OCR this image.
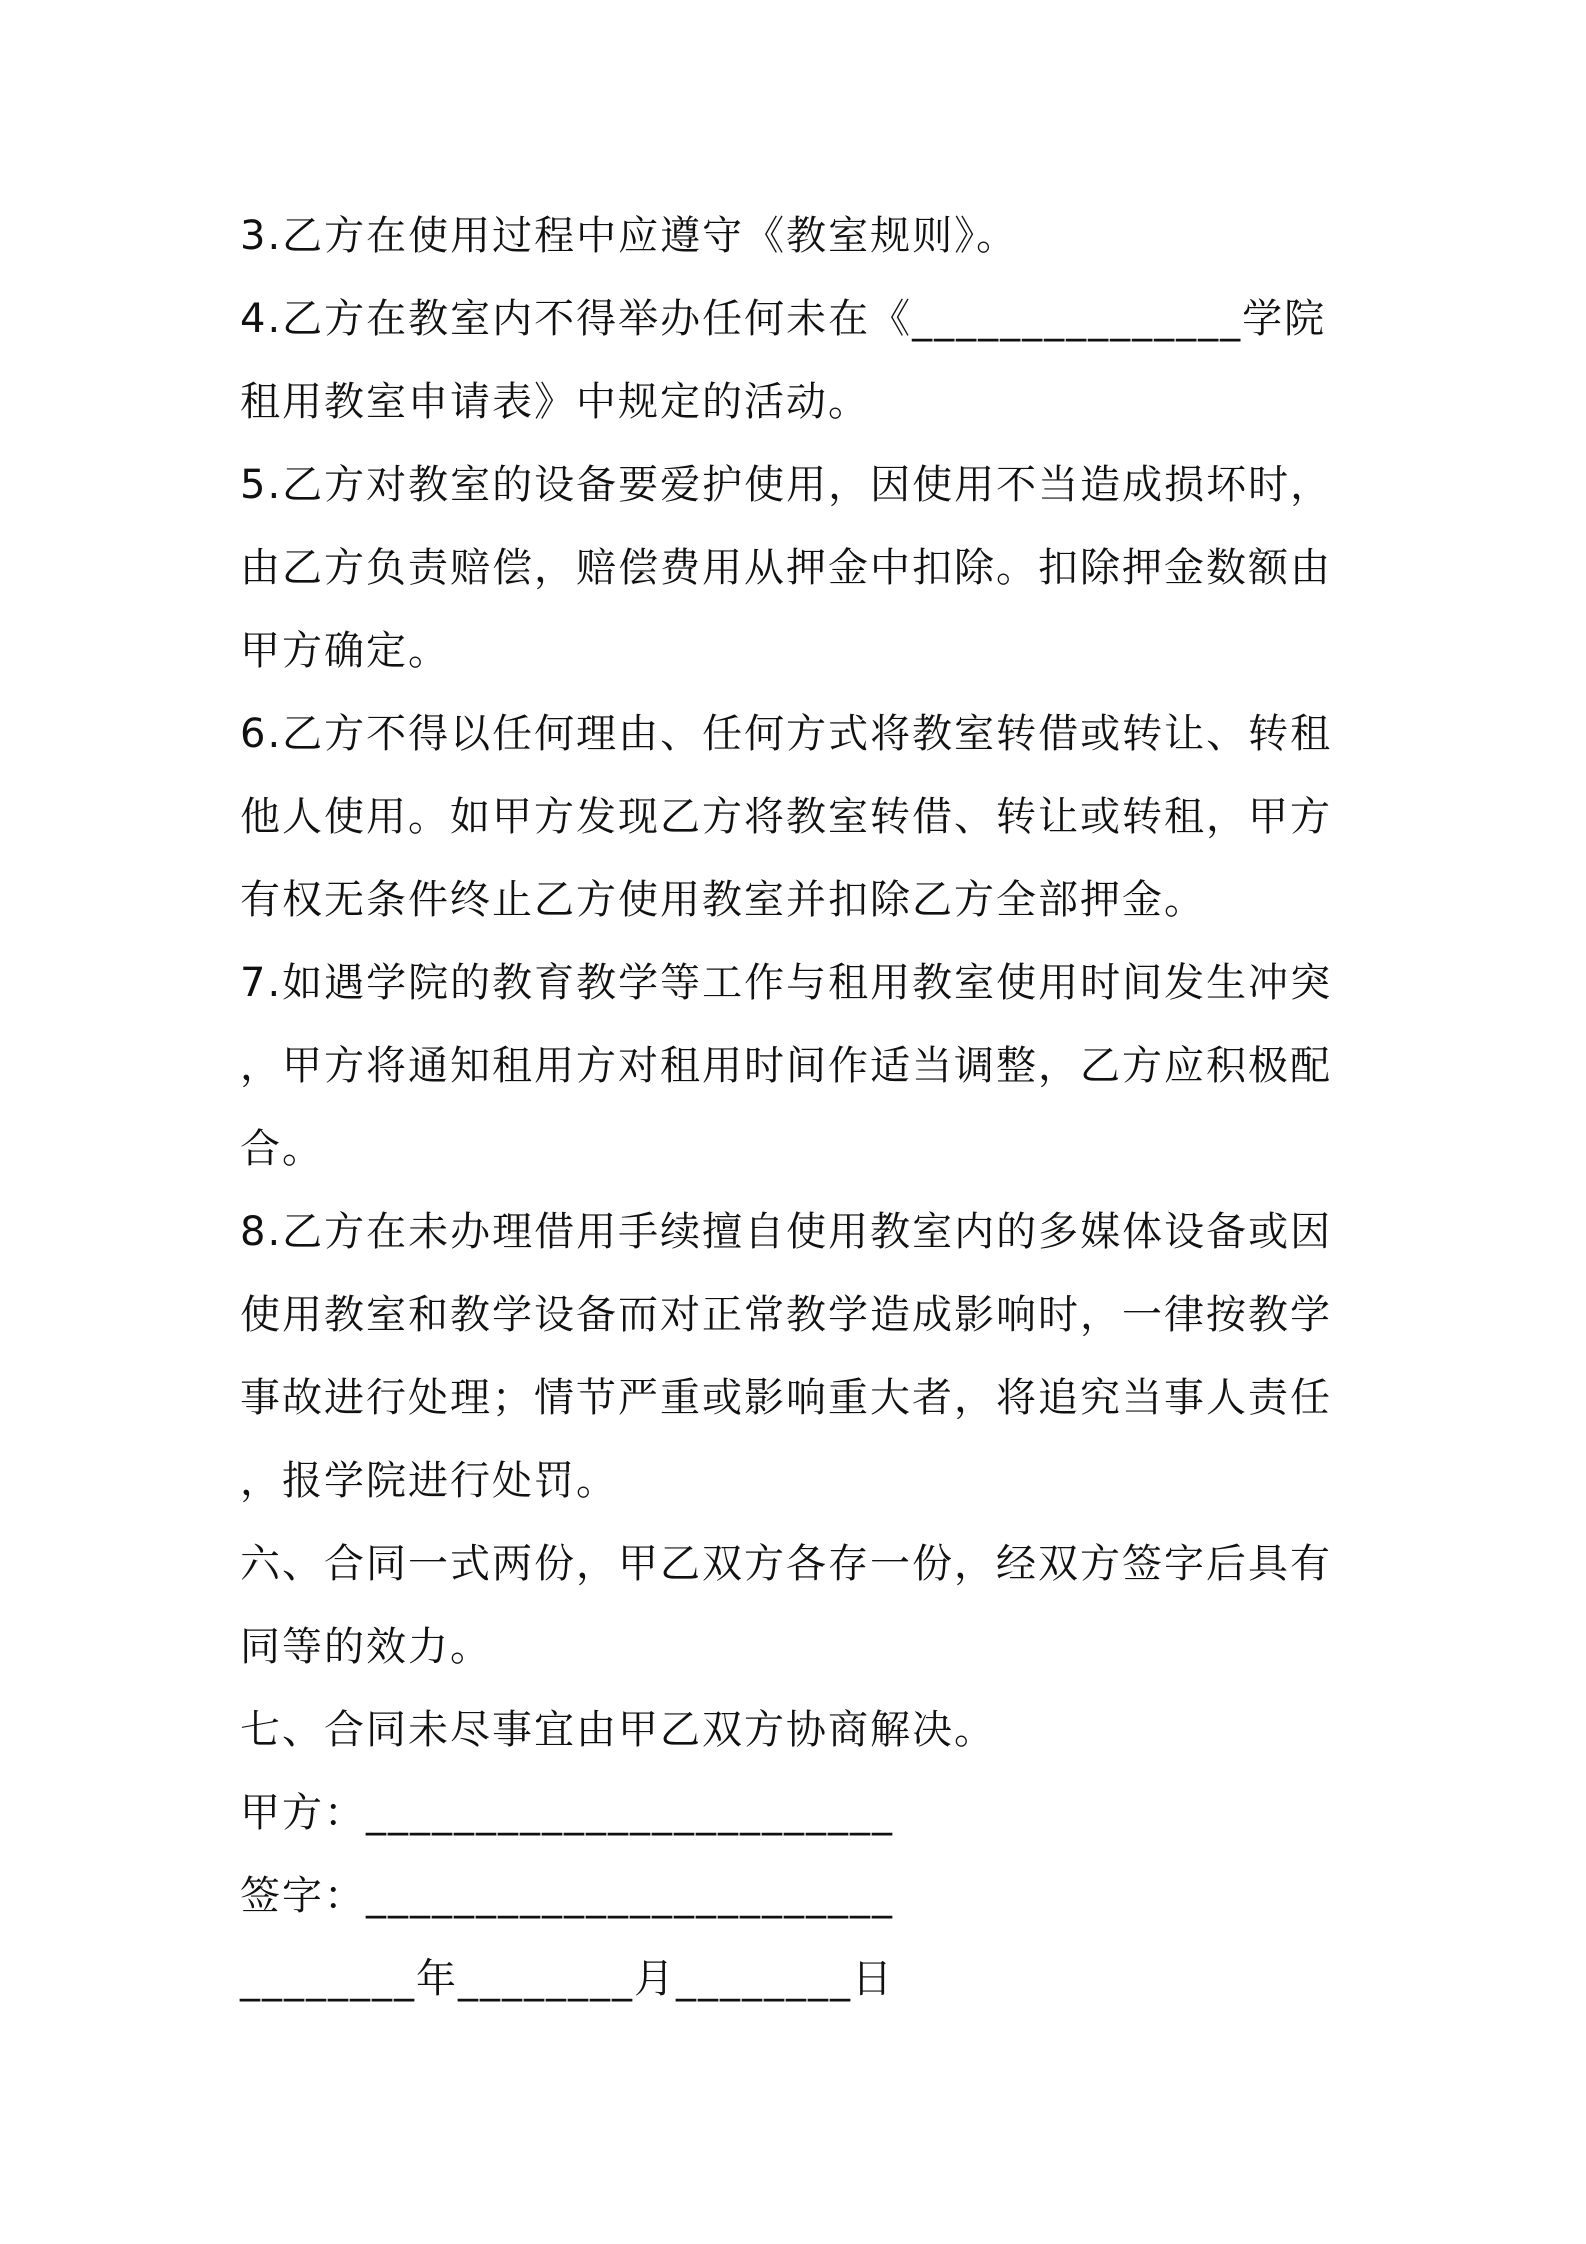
3.乙方在使用过程中应遵守《教室规则》。
4.乙方在教室内不得举办任何未在《_______________学院
租用教室申请表》中规定的活动。
5.乙方对教室的设备要爱护使用，因使用不当造成损坏时，
由乙方负责赔偿，赔偿费用从押金中扣除。扣除押金数额由
甲方确定。
6.乙方不得以任何理由、任何方式将教室转借或转让、转租
他人使用。如甲方发现乙方将教室转借、转让或转租，甲方
有权无条件终止乙方使用教室并扣除乙方全部押金。
7.如遇学院的教育教学等工作与租用教室使用时间发生冲突
，甲方将通知租用方对租用时间作适当调整，乙方应积极配
合。
8.乙方在未办理借用手续擅自使用教室内的多媒体设备或因
使用教室和教学设备而对正常教学造成影响时，一律按教学
事故进行处理；情节严重或影响重大者，将追究当事人责任
，报学院进行处罚。
六、合同一式两份，甲乙双方各存一份，经双方签字后具有
同等的效力。
七、合同未尽事宜由甲乙双方协商解决。
甲方：________________________
签字：________________________
________年________月________日
